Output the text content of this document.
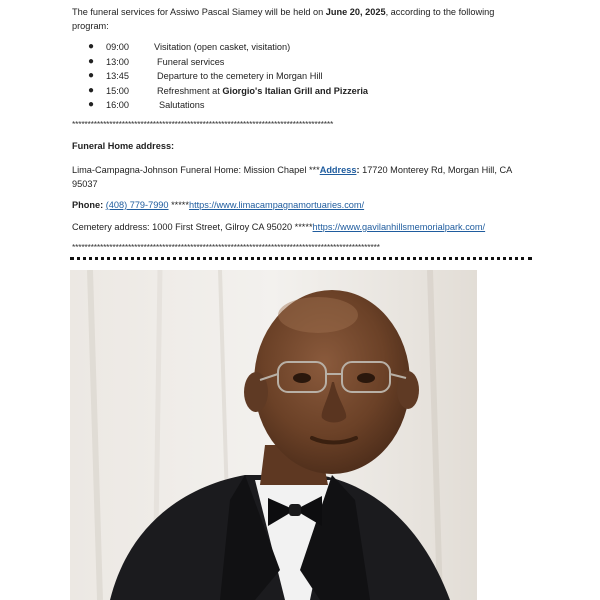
The funeral services for Assiwo Pascal Siamey will be held on June 20, 2025, according to the following program:
● 09:00	Visitation (open casket, visitation)
● 13:00	Funeral services
● 13:45	Departure to the cemetery in Morgan Hill
● 15:00	Refreshment at Giorgio's Italian Grill and Pizzeria
● 16:00	Salutations
************************************************************************************
Funeral Home address:
Lima-Campagna-Johnson Funeral Home: Mission Chapel ***Address: 17720 Monterey Rd, Morgan Hill, CA 95037
Phone: (408) 779-7990 *****https://www.limacampagnamortuaries.com/
Cemetery address: 1000 First Street, Gilroy CA 95020 *****https://www.gavilanhillsmemorialpark.com/
***************************************************************************************************
